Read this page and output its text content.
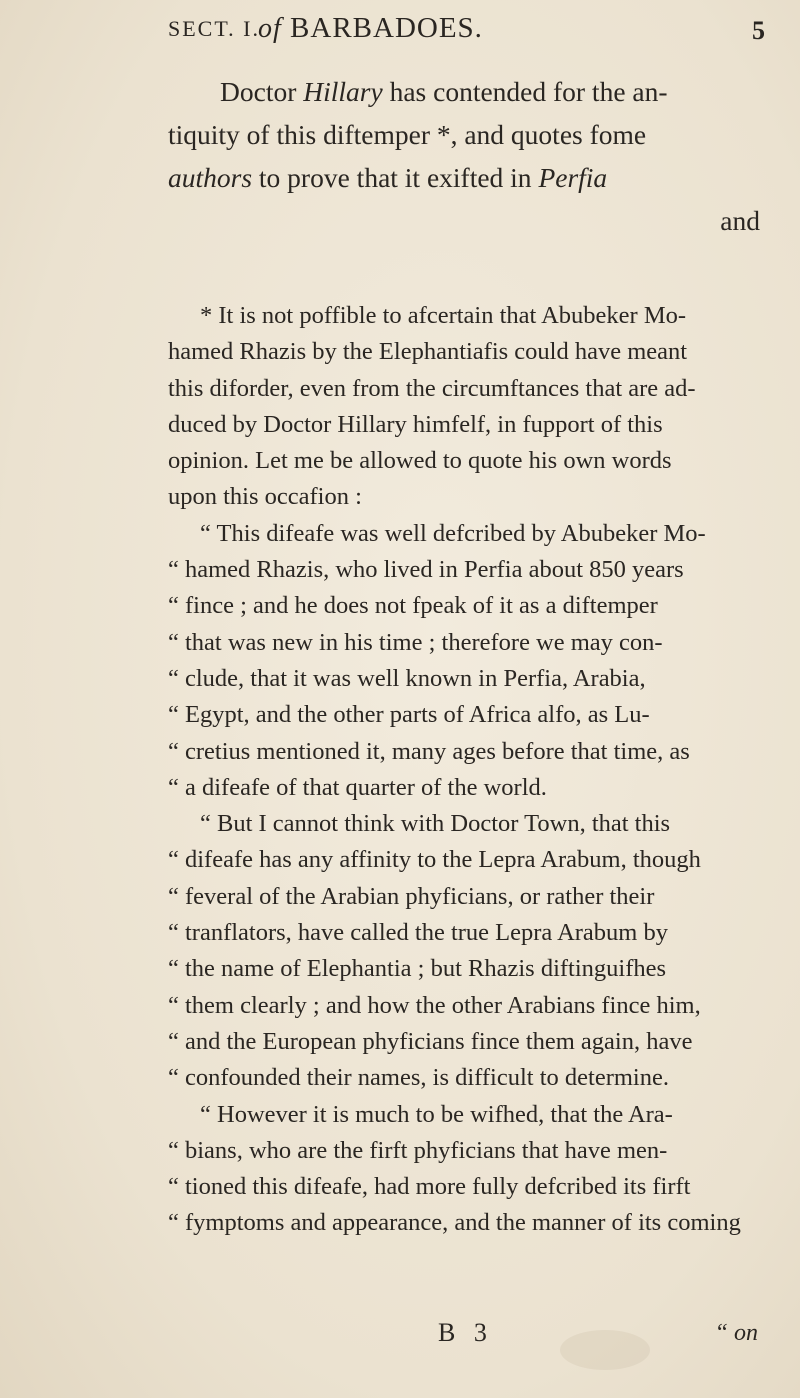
SECT. I.
of BARBADOES.	5

Doctor Hillary has contended for the an-

tiquity of this diftemper *, and quotes fome

authors to prove that it exifted in Perfia

and

* It is not poffible to afcertain that Abubeker Mo-

hamed Rhazis by the Elephantiafis could have meant

this diforder, even from the circumftances that are ad-

duced by Doctor Hillary himfelf, in fupport of this

opinion. Let me be allowed to quote his own words

upon this occafion :

“ This difeafe was well defcribed by Abubeker Mo-

“ hamed Rhazis, who lived in Perfia about 850 years

“ fince ; and he does not fpeak of it as a diftemper

“ that was new in his time ; therefore we may con-

“ clude, that it was well known in Perfia, Arabia,

“ Egypt, and the other parts of Africa alfo, as Lu-

“ cretius mentioned it, many ages before that time, as

“ a difeafe of that quarter of the world.

“ But I cannot think with Doctor Town, that this

“ difeafe has any affinity to the Lepra Arabum, though

“ feveral of the Arabian phyficians, or rather their

“ tranflators, have called the true Lepra Arabum by

“ the name of Elephantia ; but Rhazis diftinguifhes

“ them clearly ; and how the other Arabians fince him,

“ and the European phyficians fince them again, have

“ confounded their names, is difficult to determine.

“ However it is much to be wifhed, that the Ara-

“ bians, who are the firft phyficians that have men-

“ tioned this difeafe, had more fully defcribed its firft

“ fymptoms and appearance, and the manner of its coming

B 3	“ on
